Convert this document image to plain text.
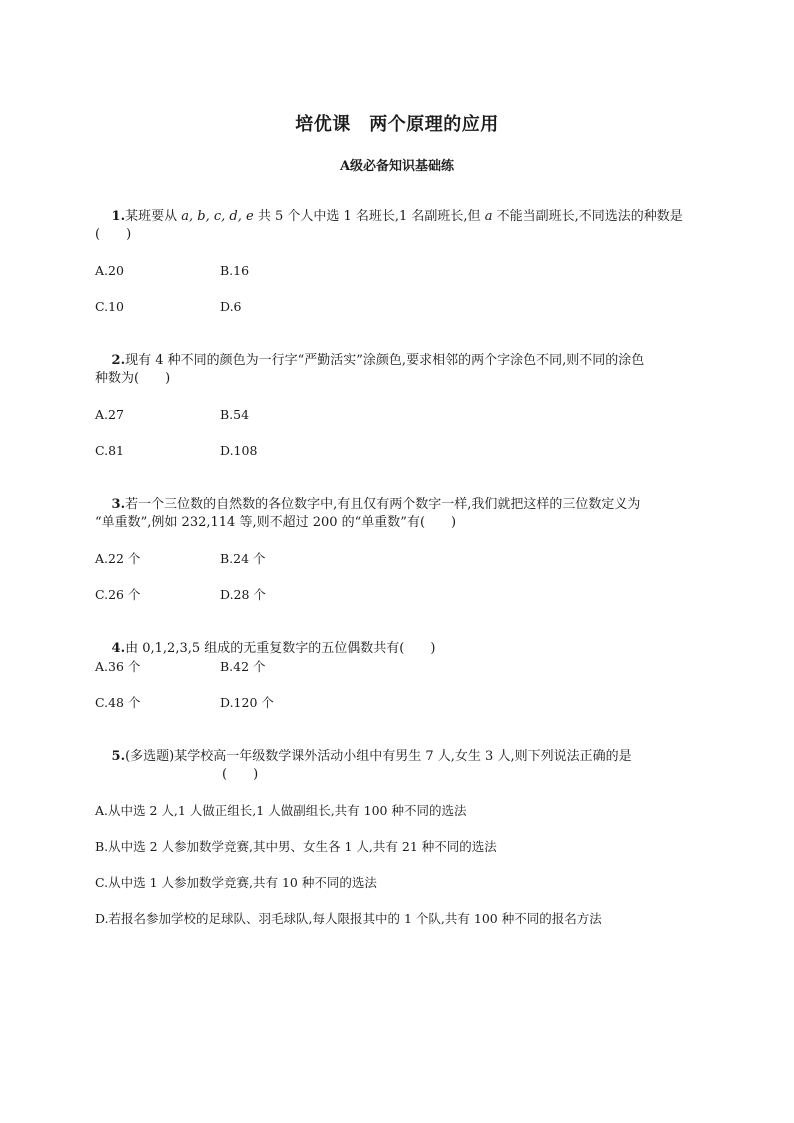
培优课　两个原理的应用
A级必备知识基础练

1.某班要从 a, b, c, d, e 共 5 个人中选 1 名班长,1 名副班长,但 a 不能当副班长,不同选法的种数是

(　　)
A.20	B.16
C.10	D.6

2.现有 4 种不同的颜色为一行字“严勤活实”涂颜色,要求相邻的两个字涂色不同,则不同的涂色

种数为(　　)
A.27	B.54
C.81	D.108

3.若一个三位数的自然数的各位数字中,有且仅有两个数字一样,我们就把这样的三位数定义为

“单重数”,例如 232,114 等,则不超过 200 的“单重数”有(　　)
A.22 个	B.24 个
C.26 个	D.28 个

4.由 0,1,2,3,5 组成的无重复数字的五位偶数共有(　　)

A.36 个	B.42 个
C.48 个	D.120 个

5.(多选题)某学校高一年级数学课外活动小组中有男生 7 人,女生 3 人,则下列说法正确的是

(　　)
A.从中选 2 人,1 人做正组长,1 人做副组长,共有 100 种不同的选法
B.从中选 2 人参加数学竞赛,其中男、女生各 1 人,共有 21 种不同的选法
C.从中选 1 人参加数学竞赛,共有 10 种不同的选法
D.若报名参加学校的足球队、羽毛球队,每人限报其中的 1 个队,共有 100 种不同的报名方法
